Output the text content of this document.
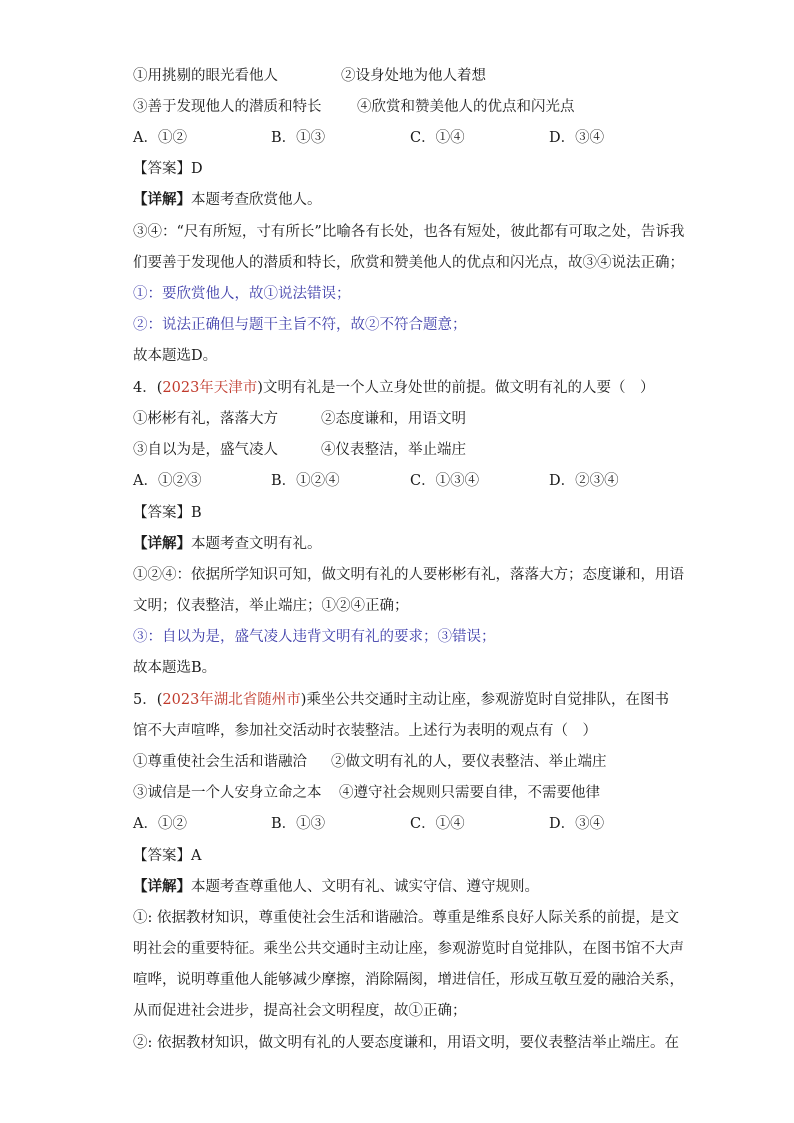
①用挑剔的眼光看他人	②设身处地为他人着想
③善于发现他人的潜质和特长 ④欣赏和赞美他人的优点和闪光点
A．①②	B．①③	C．①④	D．③④
【答案】D
【详解】本题考查欣赏他人。
③④：“尺有所短，寸有所长”比喻各有长处，也各有短处，彼此都有可取之处，告诉我
们要善于发现他人的潜质和特长，欣赏和赞美他人的优点和闪光点，故③④说法正确；
①：要欣赏他人，故①说法错误；
②：说法正确但与题干主旨不符，故②不符合题意；
故本题选D。
4．(2023年天津市)文明有礼是一个人立身处世的前提。做文明有礼的人要（　）
①彬彬有礼，落落大方	②态度谦和，用语文明
③自以为是，盛气凌人	④仪表整洁，举止端庄
A．①②③	B．①②④	C．①③④	D．②③④
【答案】B
【详解】本题考查文明有礼。
①②④：依据所学知识可知，做文明有礼的人要彬彬有礼，落落大方；态度谦和，用语
文明；仪表整洁，举止端庄；①②④正确；
③：自以为是，盛气凌人违背文明有礼的要求；③错误；
故本题选B。
5．(2023年湖北省随州市)乘坐公共交通时主动让座，参观游览时自觉排队，在图书
馆不大声喧哗，参加社交活动时衣装整洁。上述行为表明的观点有（　）
①尊重使社会生活和谐融洽 ②做文明有礼的人，要仪表整洁、举止端庄
③诚信是一个人安身立命之本 ④遵守社会规则只需要自律，不需要他律
A．①②	B．①③	C．①④	D．③④
【答案】A
【详解】本题考查尊重他人、文明有礼、诚实守信、遵守规则。
①: 依据教材知识，尊重使社会生活和谐融洽。尊重是维系良好人际关系的前提，是文
明社会的重要特征。乘坐公共交通时主动让座，参观游览时自觉排队，在图书馆不大声
喧哗，说明尊重他人能够减少摩擦，消除隔阂，增进信任，形成互敬互爱的融洽关系，
从而促进社会进步，提高社会文明程度，故①正确；
②: 依据教材知识，做文明有礼的人要态度谦和，用语文明，要仪表整洁举止端庄。在
